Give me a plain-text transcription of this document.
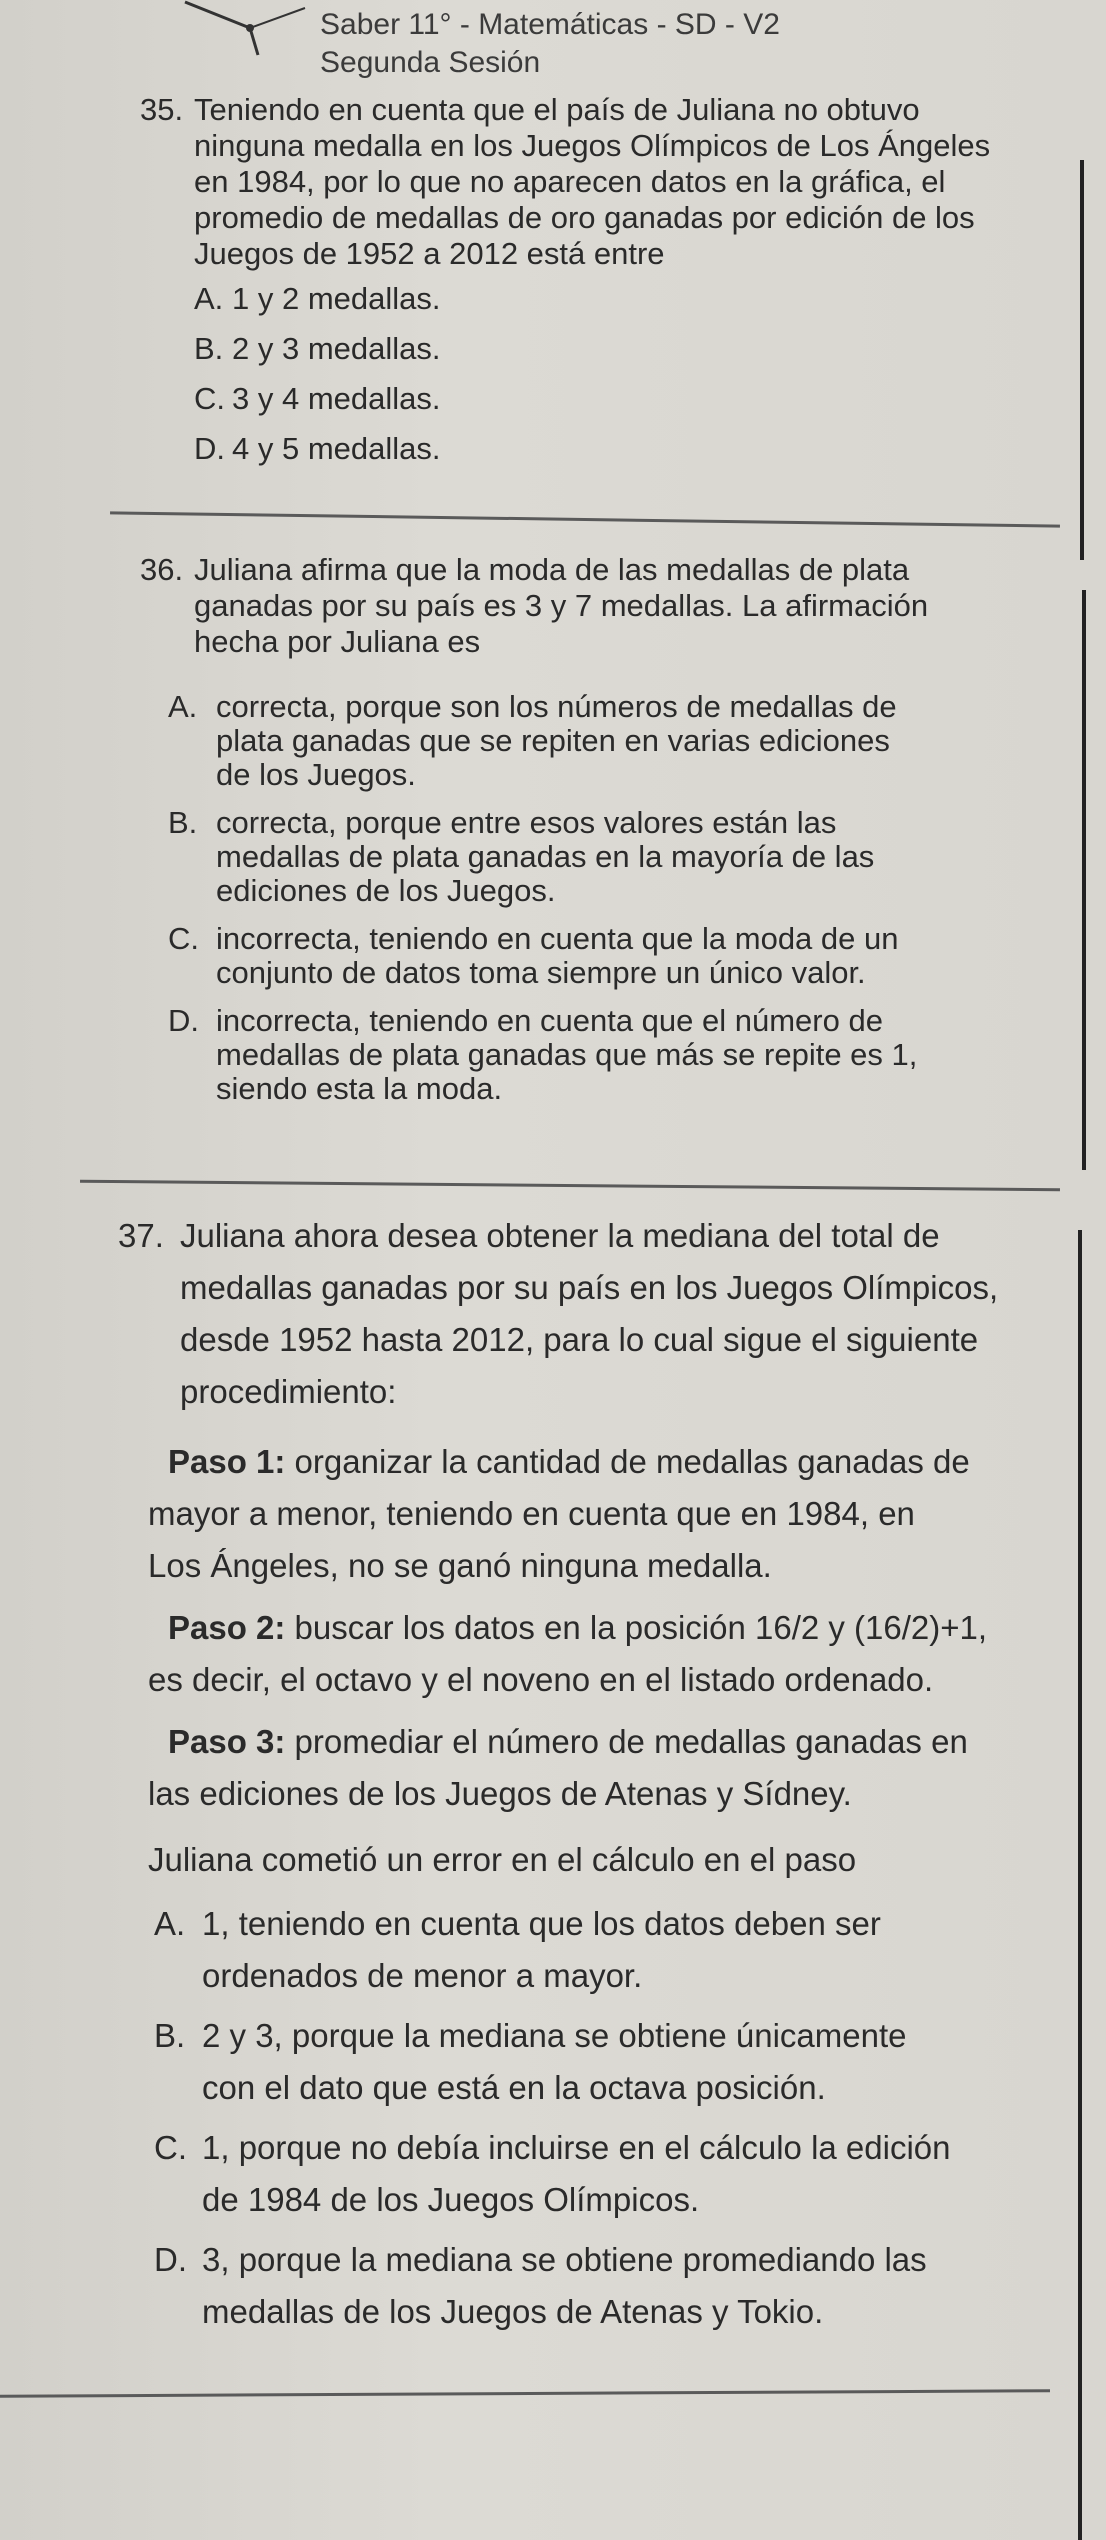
Saber 11° - Matemáticas - SD - V2
Segunda Sesión

35. Teniendo en cuenta que el país de Juliana no obtuvo

ninguna medalla en los Juegos Olímpicos de Los Ángeles

en 1984, por lo que no aparecen datos en la gráfica, el

promedio de medallas de oro ganadas por edición de los

Juegos de 1952 a 2012 está entre

A. 1 y 2 medallas.
B. 2 y 3 medallas.
C. 3 y 4 medallas.
D. 4 y 5 medallas.

36. Juliana afirma que la moda de las medallas de plata

ganadas por su país es 3 y 7 medallas. La afirmación

hecha por Juliana es

A. correcta, porque son los números de medallas de
plata ganadas que se repiten en varias ediciones
de los Juegos.
B. correcta, porque entre esos valores están las
medallas de plata ganadas en la mayoría de las
ediciones de los Juegos.
C. incorrecta, teniendo en cuenta que la moda de un
conjunto de datos toma siempre un único valor.
D. incorrecta, teniendo en cuenta que el número de
medallas de plata ganadas que más se repite es 1,
siendo esta la moda.

37. Juliana ahora desea obtener la mediana del total de

medallas ganadas por su país en los Juegos Olímpicos,

desde 1952 hasta 2012, para lo cual sigue el siguiente

procedimiento:

Paso 1: organizar la cantidad de medallas ganadas de

mayor a menor, teniendo en cuenta que en 1984, en

Los Ángeles, no se ganó ninguna medalla.

Paso 2: buscar los datos en la posición 16/2 y (16/2)+1,

es decir, el octavo y el noveno en el listado ordenado.

Paso 3: promediar el número de medallas ganadas en

las ediciones de los Juegos de Atenas y Sídney.

Juliana cometió un error en el cálculo en el paso

A. 1, teniendo en cuenta que los datos deben ser
ordenados de menor a mayor.
B. 2 y 3, porque la mediana se obtiene únicamente
con el dato que está en la octava posición.
C. 1, porque no debía incluirse en el cálculo la edición
de 1984 de los Juegos Olímpicos.
D. 3, porque la mediana se obtiene promediando las
medallas de los Juegos de Atenas y Tokio.
